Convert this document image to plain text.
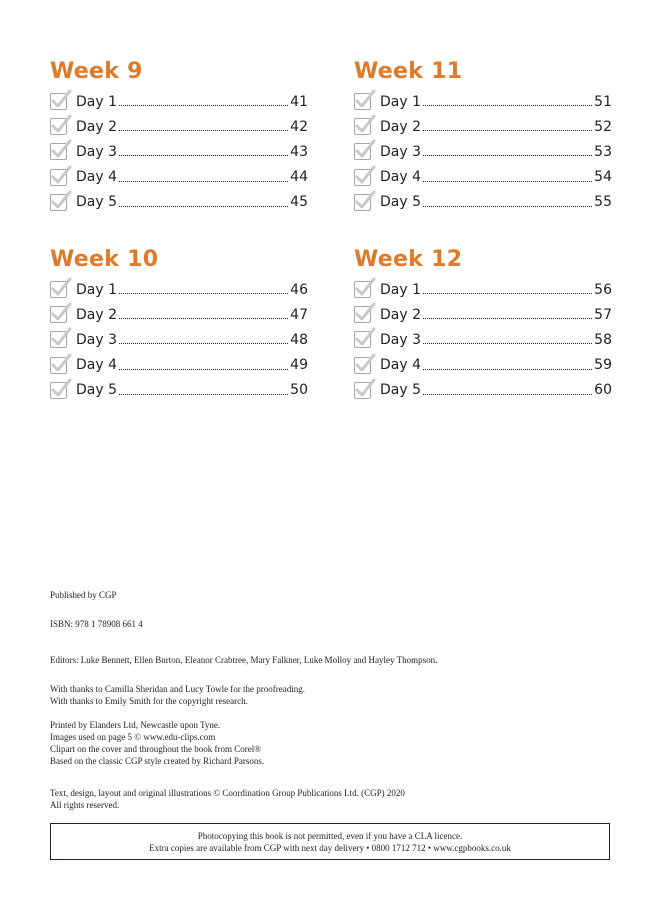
Week 9
Day 1	41
Day 2	42
Day 3	43
Day 4	44
Day 5	45
Week 11
Day 1	51
Day 2	52
Day 3	53
Day 4	54
Day 5	55
Week 10
Day 1	46
Day 2	47
Day 3	48
Day 4	49
Day 5	50
Week 12
Day 1	56
Day 2	57
Day 3	58
Day 4	59
Day 5	60

Published by CGP

ISBN: 978 1 78908 661 4

Editors: Luke Bennett, Ellen Burton, Eleanor Crabtree, Mary Falkner, Luke Molloy and Hayley Thompson.

With thanks to Camilla Sheridan and Lucy Towle for the proofreading.

With thanks to Emily Smith for the copyright research.

Printed by Elanders Ltd, Newcastle upon Tyne.

Images used on page 5 © www.edu-clips.com

Clipart on the cover and throughout the book from Corel®

Based on the classic CGP style created by Richard Parsons.

Text, design, layout and original illustrations © Coordination Group Publications Ltd. (CGP) 2020

All rights reserved.

Photocopying this book is not permitted, even if you have a CLA licence.
Extra copies are available from CGP with next day delivery • 0800 1712 712 • www.cgpbooks.co.uk
